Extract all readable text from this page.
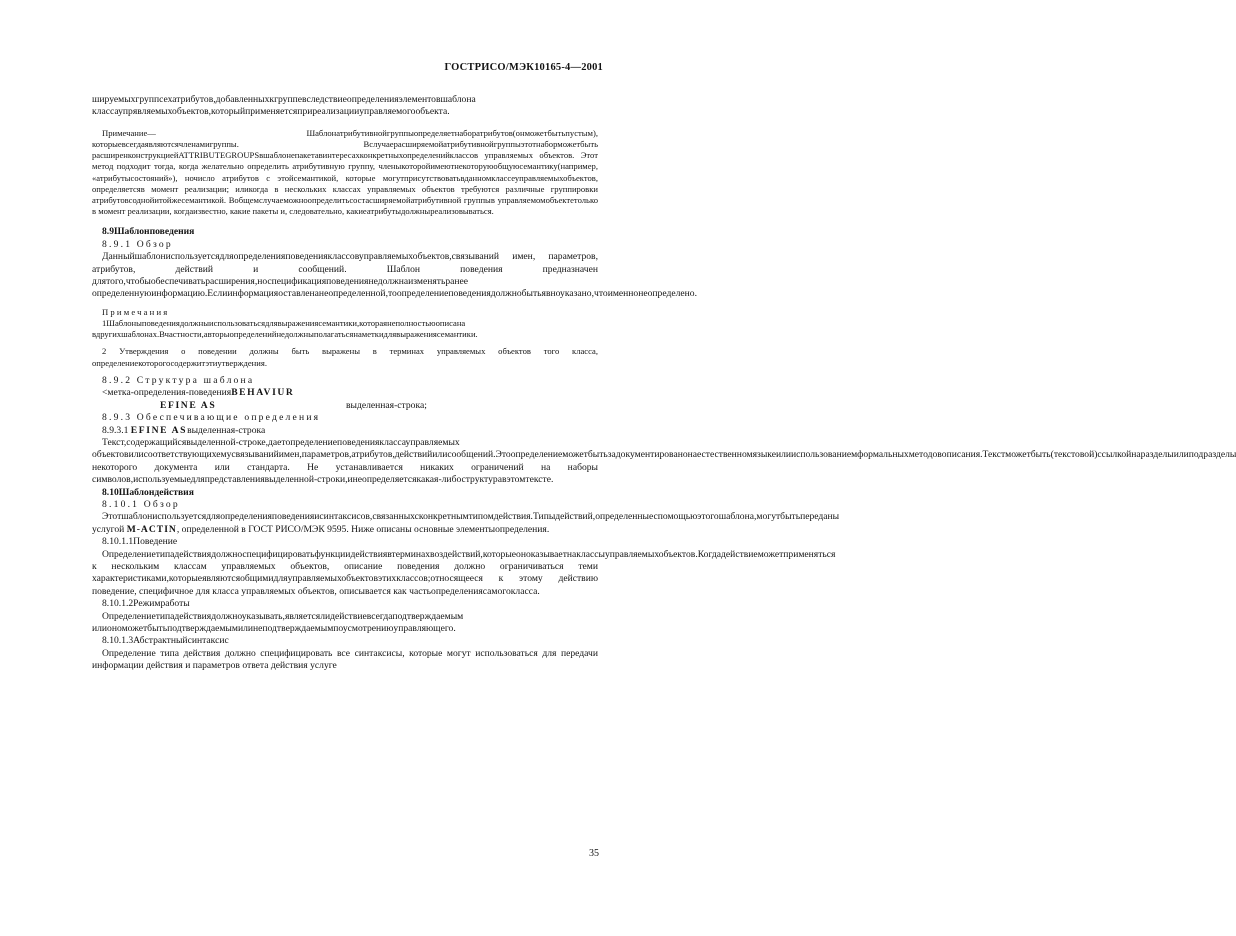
ГОСТРИСО/МЭК10165-4—2001

шируемыхгруппсехатрибутов,добавленныхкгруппевследствиеопределенияэлементовшаблона классаупрявляемыхобъектов,которыйприменяетсяприреализацииуправляемогообъекта.

Примечание— Шаблонатрибутивнойгруппыопределяетнаборатрибутов(онможетбытьпустым), которыевсегдаявляютсячленамигруппы. Вслучаерасширяемойатрибутивнойгруппыэтотнаборможетбыть расширенконструкциейATTRIBUTEGROUPSвшаблонепакетавинтересахконкретныхопределенийклассов управляемых объектов. Этот метод подходит тогда, когда желательно определить атрибутивную группу, членыкоторойимеютнекоторуюобщуюсемантику(например, «атрибутысостояний»), ночисло атрибутов с этойсемантикой, которые могутприсутствоватьвданномклассеуправляемыхобъектов, определяетсяв момент реализации; иликогда в нескольких классах управляемых объектов требуются различные группировки атрибутовсоднойитойжесемантикой. Вобщемслучаеможноопределитьсостасширяемойатрибутивной группыв управляемомобъектетолько в момент реализации, когдаизвестно, какие пакеты и, следовательно, какиеатрибутыдолжныреализовываться.

8.9Шаблонповедения

8.9.1 Обзор

Данныйшаблониспользуетсядляопределенияповеденияклассовуправляемыхобъектов,связываний имен, параметров, атрибутов, действий и сообщений. Шаблон поведения предназначен длятого,чтобыобеспечиватьрасширения,носпецификацияповедениянедолжнаизменятьранее определеннуюинформацию.Еслиинформацияоставленанеопределенной,тоопределениеповедениядолжнобытьявноуказано,чтоименнонеопределено.

Примечания

1Шаблоныповедениядолжныиспользоватьсядлявыражениясемантики,котораянеполностьюописана вдругихшаблонах.Вчастности,авторыопределенийнедолжныполагатьсянаметкидлявыражениясемантики.

2 Утверждения о поведении должны быть выражены в терминах управляемых объектов того класса, определениекоторогосодержитэтиутверждения.

8.9.2 Структура шаблона

<метка-определения-поведенияBEHAVIUR

EFINE AS	выделенная-строка;

8.9.3 Обеспечивающие определения

8.9.3.1 EFINE ASвыделенная-строка

Текст,содержащийсявыделенной-строке,даетопределениеповеденияклассауправляемых объектовилисоответствующихемусвязыванийимен,параметров,атрибутов,действийилисообщений.Этоопределениеможетбытьзадокументированонаестественномязыкеилииспользованиемформальныхметодовописания.Текстможетбыть(текстовой)ссылкойнаразделыилиподразделы некоторого документа или стандарта. Не устанавливается никаких ограничений на наборы символов,используемыедляпредставлениявыделенной-строки,инеопределяетсякакая-либоструктуравэтомтексте.

8.10Шаблондействия

8.10.1 Обзор

Этотшаблониспользуетсядляопределенияповеденияисинтаксисов,связанныхсконкретнымтипомдействия.Типыдействий,определенныеспомощьюэтогошаблона,могутбытьпереданы услугой M-ACTIN, определенной в ГОСТ РИСО/МЭК 9595. Ниже описаны основные элементыопределения.

8.10.1.1Поведение

Определениетипадействиядолжноспецифицироватьфункциидействиявтерминахвоздействий,которыеоноказываетнаклассыуправляемыхобъектов.Когдадействиеможетприменяться к нескольким классам управляемых объектов, описание поведения должно ограничиваться теми характеристиками,которыеявляютсяобщимидляуправляемыхобъектовэтихклассов;относящееся к этому действию поведение, специфичное для класса управляемых объектов, описывается как частьопределениясамогокласса.

8.10.1.2Режимработы

Определениетипадействиядолжноуказывать,являетсялидействиевсегдаподтверждаемым илиономожетбытьподтверждаемымилинеподтверждаемымпоусмотрениюуправляющего.

8.10.1.3Абстрактныйсинтаксис

Определение типа действия должно специфицировать все синтаксисы, которые могут использоваться для передачи информации действия и параметров ответа действия услуге

35
